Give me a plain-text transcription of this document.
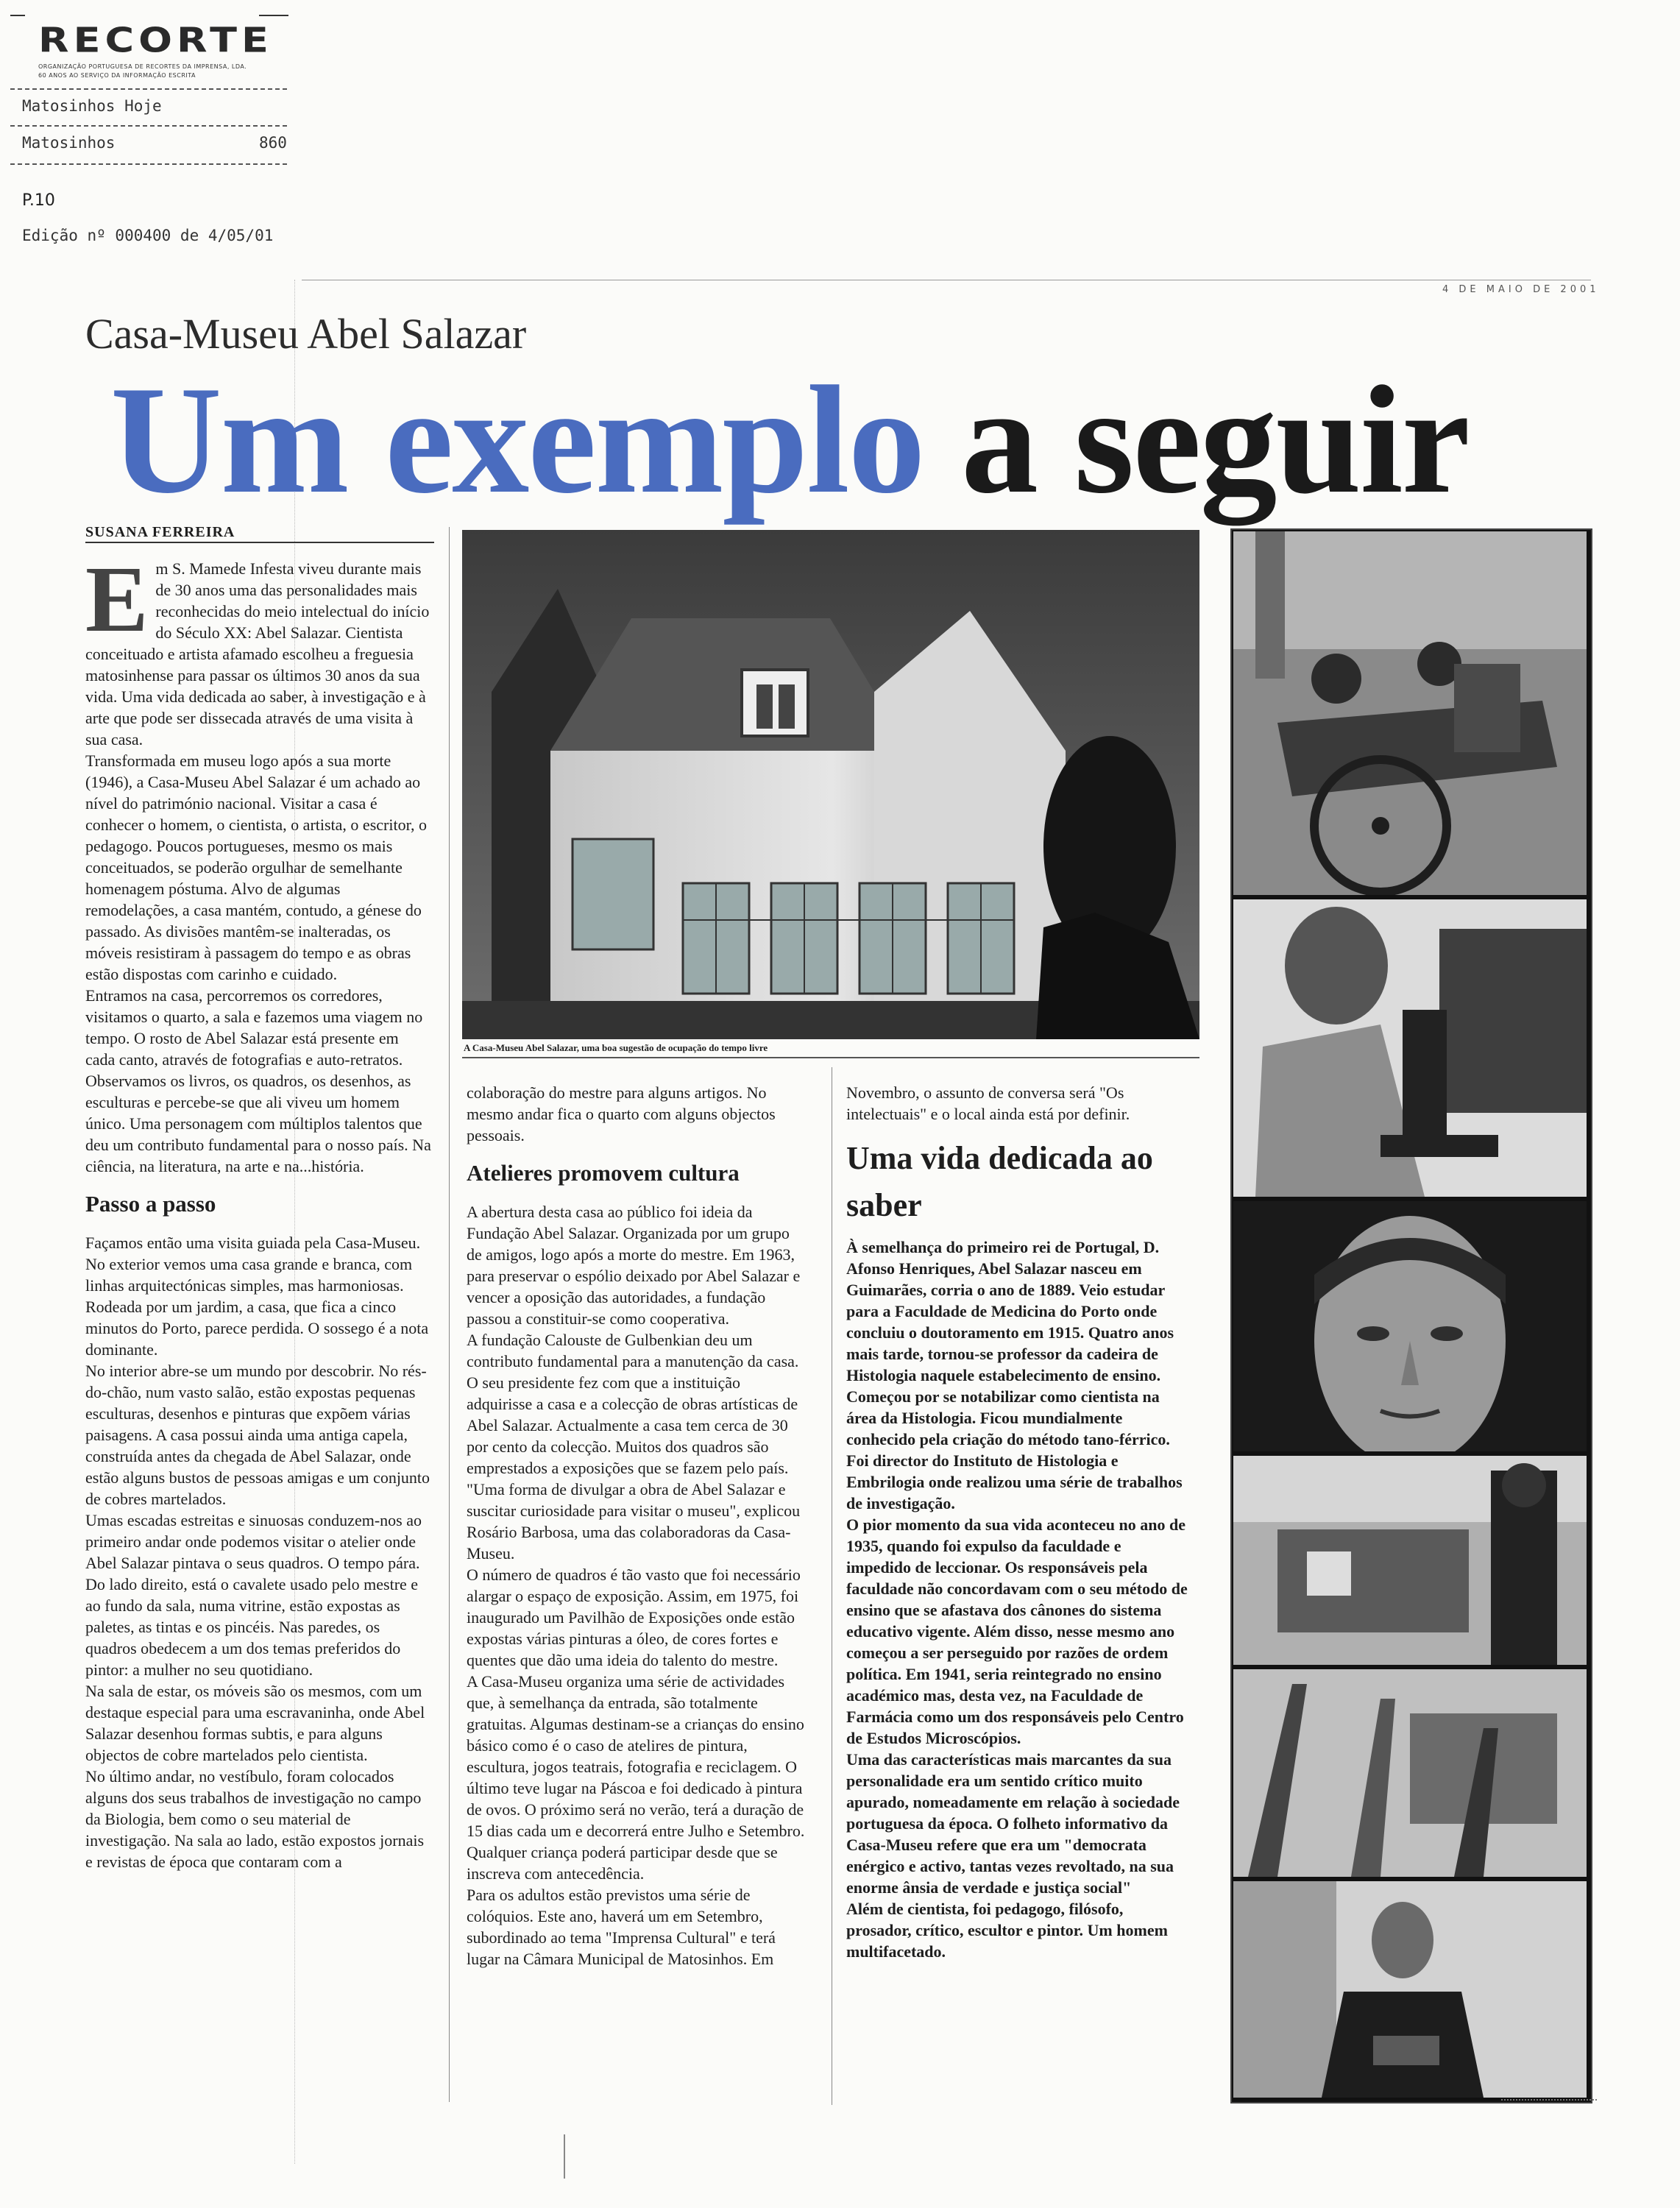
RECORTE
ORGANIZAÇÃO PORTUGUESA DE RECORTES DA IMPRENSA, LDA.
60 ANOS AO SERVIÇO DA INFORMAÇÃO ESCRITA
Matosinhos Hoje
Matosinhos	860
P.10
Edição nº 000400 de 4/05/01
4 DE MAIO DE 2001
Casa-Museu Abel Salazar
Um exemplo a seguir
SUSANA FERREIRA

Em S. Mamede Infesta viveu durante mais de 30 anos uma das personalidades mais reconhecidas do meio intelectual do início do Século XX: Abel Salazar. Cientista conceituado e artista afamado escolheu a freguesia matosinhense para passar os últimos 30 anos da sua vida. Uma vida dedicada ao saber, à investigação e à arte que pode ser dissecada através de uma visita à sua casa.

Transformada em museu logo após a sua morte (1946), a Casa-Museu Abel Salazar é um achado ao nível do património nacional. Visitar a casa é conhecer o homem, o cientista, o artista, o escritor, o pedagogo. Poucos portugueses, mesmo os mais conceituados, se poderão orgulhar de semelhante homenagem póstuma. Alvo de algumas remodelações, a casa mantém, contudo, a génese do passado. As divisões mantêm-se inalteradas, os móveis resistiram à passagem do tempo e as obras estão dispostas com carinho e cuidado.

Entramos na casa, percorremos os corredores, visitamos o quarto, a sala e fazemos uma viagem no tempo. O rosto de Abel Salazar está presente em cada canto, através de fotografias e auto-retratos. Observamos os livros, os quadros, os desenhos, as esculturas e percebe-se que ali viveu um homem único. Uma personagem com múltiplos talentos que deu um contributo fundamental para o nosso país. Na ciência, na literatura, na arte e na...história.

Passo a passo

Façamos então uma visita guiada pela Casa-Museu. No exterior vemos uma casa grande e branca, com linhas arquitectónicas simples, mas harmoniosas. Rodeada por um jardim, a casa, que fica a cinco minutos do Porto, parece perdida. O sossego é a nota dominante.

No interior abre-se um mundo por descobrir. No rés-do-chão, num vasto salão, estão expostas pequenas esculturas, desenhos e pinturas que expõem várias paisagens. A casa possui ainda uma antiga capela, construída antes da chegada de Abel Salazar, onde estão alguns bustos de pessoas amigas e um conjunto de cobres martelados.

Umas escadas estreitas e sinuosas conduzem-nos ao primeiro andar onde podemos visitar o atelier onde Abel Salazar pintava o seus quadros. O tempo pára. Do lado direito, está o cavalete usado pelo mestre e ao fundo da sala, numa vitrine, estão expostas as paletes, as tintas e os pincéis. Nas paredes, os quadros obedecem a um dos temas preferidos do pintor: a mulher no seu quotidiano.

Na sala de estar, os móveis são os mesmos, com um destaque especial para uma escravaninha, onde Abel Salazar desenhou formas subtis, e para alguns objectos de cobre martelados pelo cientista.

No último andar, no vestíbulo, foram colocados alguns dos seus trabalhos de investigação no campo da Biologia, bem como o seu material de investigação. Na sala ao lado, estão expostos jornais e revistas de época que contaram com a

A Casa-Museu Abel Salazar, uma boa sugestão de ocupação do tempo livre

colaboração do mestre para alguns artigos. No mesmo andar fica o quarto com alguns objectos pessoais.

Atelieres promovem cultura

A abertura desta casa ao público foi ideia da Fundação Abel Salazar. Organizada por um grupo de amigos, logo após a morte do mestre. Em 1963, para preservar o espólio deixado por Abel Salazar e vencer a oposição das autoridades, a fundação passou a constituir-se como cooperativa.

A fundação Calouste de Gulbenkian deu um contributo fundamental para a manutenção da casa. O seu presidente fez com que a instituição adquirisse a casa e a colecção de obras artísticas de Abel Salazar. Actualmente a casa tem cerca de 30 por cento da colecção. Muitos dos quadros são emprestados a exposições que se fazem pelo país. "Uma forma de divulgar a obra de Abel Salazar e suscitar curiosidade para visitar o museu", explicou Rosário Barbosa, uma das colaboradoras da Casa-Museu.

O número de quadros é tão vasto que foi necessário alargar o espaço de exposição. Assim, em 1975, foi inaugurado um Pavilhão de Exposições onde estão expostas várias pinturas a óleo, de cores fortes e quentes que dão uma ideia do talento do mestre.

A Casa-Museu organiza uma série de actividades que, à semelhança da entrada, são totalmente gratuitas. Algumas destinam-se a crianças do ensino básico como é o caso de atelires de pintura, escultura, jogos teatrais, fotografia e reciclagem. O último teve lugar na Páscoa e foi dedicado à pintura de ovos. O próximo será no verão, terá a duração de 15 dias cada um e decorrerá entre Julho e Setembro. Qualquer criança poderá participar desde que se inscreva com antecedência.

Para os adultos estão previstos uma série de colóquios. Este ano, haverá um em Setembro, subordinado ao tema "Imprensa Cultural" e terá lugar na Câmara Municipal de Matosinhos. Em

Novembro, o assunto de conversa será "Os intelectuais" e o local ainda está por definir.

Uma vida dedicada ao saber

À semelhança do primeiro rei de Portugal, D. Afonso Henriques, Abel Salazar nasceu em Guimarães, corria o ano de 1889. Veio estudar para a Faculdade de Medicina do Porto onde concluiu o doutoramento em 1915. Quatro anos mais tarde, tornou-se professor da cadeira de Histologia naquele estabelecimento de ensino.

Começou por se notabilizar como cientista na área da Histologia. Ficou mundialmente conhecido pela criação do método tano-férrico. Foi director do Instituto de Histologia e Embrilogia onde realizou uma série de trabalhos de investigação.

O pior momento da sua vida aconteceu no ano de 1935, quando foi expulso da faculdade e impedido de leccionar. Os responsáveis pela faculdade não concordavam com o seu método de ensino que se afastava dos cânones do sistema educativo vigente. Além disso, nesse mesmo ano começou a ser perseguido por razões de ordem política. Em 1941, seria reintegrado no ensino académico mas, desta vez, na Faculdade de Farmácia como um dos responsáveis pelo Centro de Estudos Microscópios.

Uma das características mais marcantes da sua personalidade era um sentido crítico muito apurado, nomeadamente em relação à sociedade portuguesa da época. O folheto informativo da Casa-Museu refere que era um "democrata enérgico e activo, tantas vezes revoltado, na sua enorme ânsia de verdade e justiça social"

Além de cientista, foi pedagogo, filósofo, prosador, crítico, escultor e pintor. Um homem multifacetado.
